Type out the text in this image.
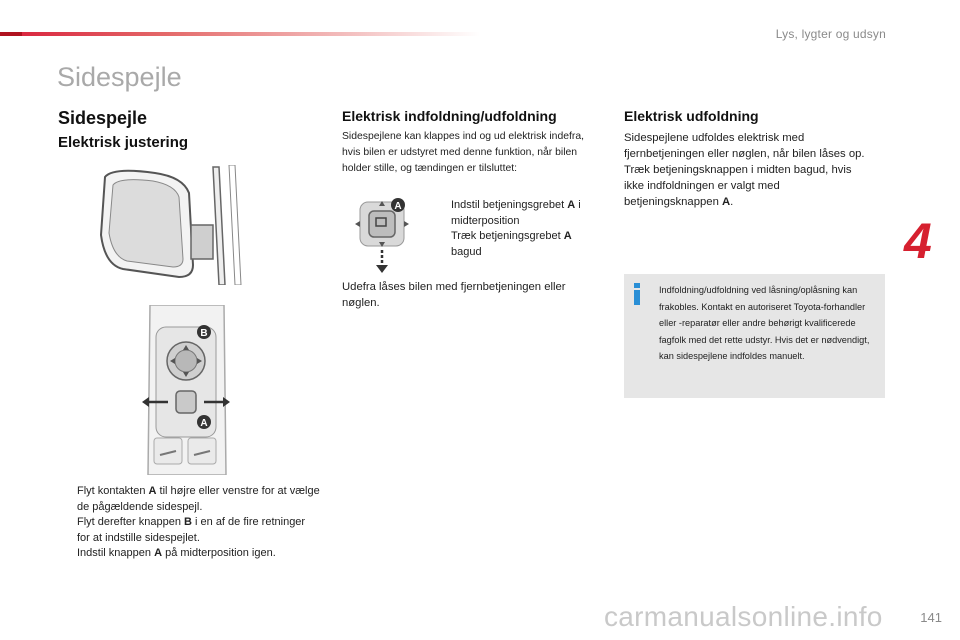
Lys, lygter og udsyn
Sidespejle
Sidespejle
Elektrisk justering
B
A
Flyt kontakten A til højre eller venstre for at vælge de pågældende sidespejl.
Flyt derefter knappen B i en af de fire retninger for at indstille sidespejlet.
Indstil knappen A på midterposition igen.
Elektrisk indfoldning/udfoldning
Sidespejlene kan klappes ind og ud elektrisk indefra, hvis bilen er udstyret med denne funktion, når bilen holder stille, og tændingen er tilsluttet:
A	Indstil betjeningsgrebet A i midterposition
Træk betjeningsgrebet A bagud
Udefra låses bilen med fjernbetjeningen eller nøglen.
Elektrisk udfoldning
Sidespejlene udfoldes elektrisk med fjernbetjeningen eller nøglen, når bilen låses op. Træk betjeningsknappen i midten bagud, hvis ikke indfoldningen er valgt med betjeningsknappen A.
Indfoldning/udfoldning ved låsning/oplåsning kan frakobles. Kontakt en autoriseret Toyota-forhandler eller -reparatør eller andre behørigt kvalificerede fagfolk med det rette udstyr. Hvis det er nødvendigt, kan sidespejlene indfoldes manuelt.
4
carmanualsonline.info	141
